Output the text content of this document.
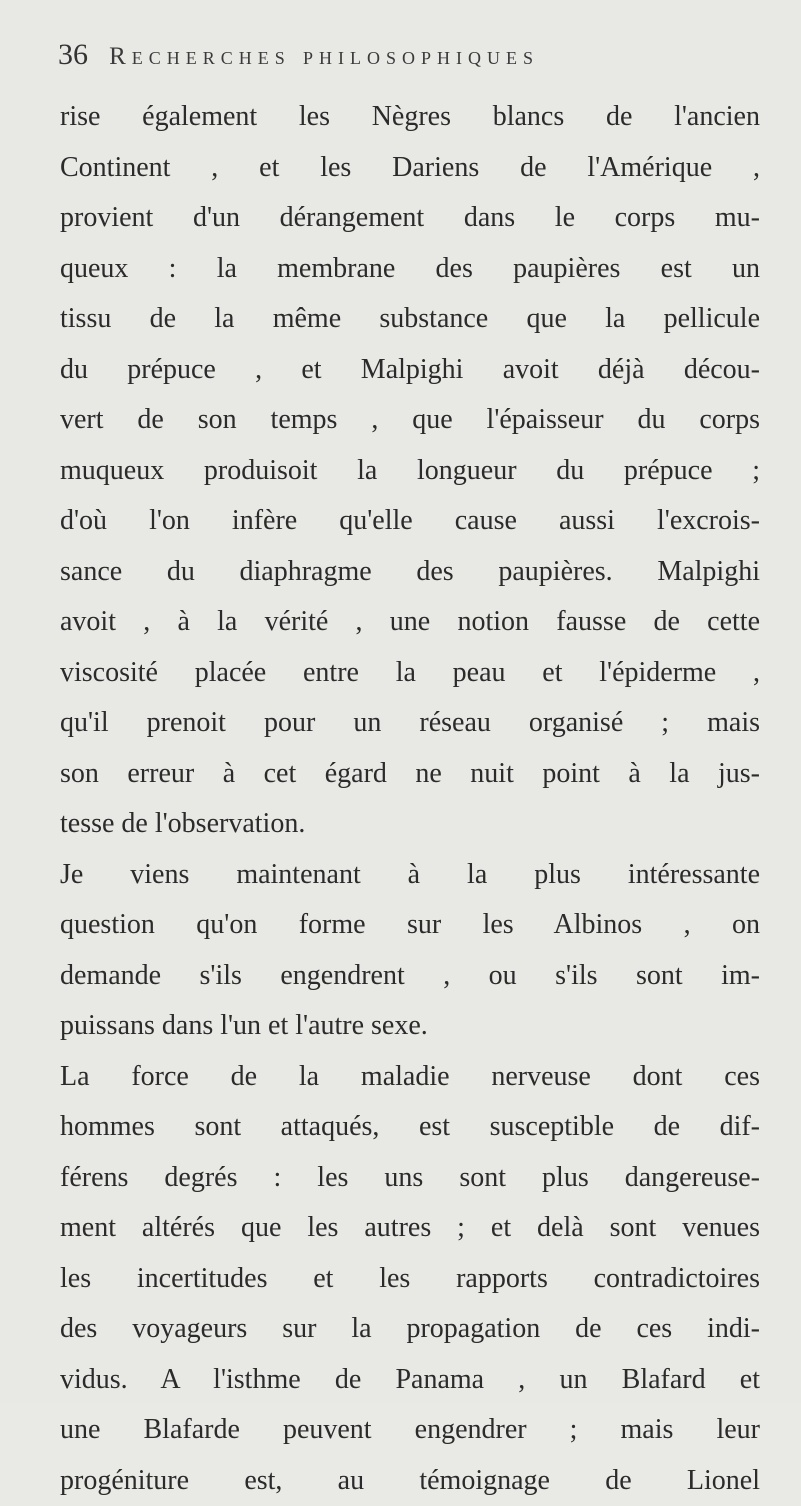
36 Recherches philosophiques
rise également les Nègres blancs de l'ancien
Continent , et les Dariens de l'Amérique ,
provient d'un dérangement dans le corps mu-
queux : la membrane des paupières est un
tissu de la même substance que la pellicule
du prépuce , et Malpighi avoit déjà décou-
vert de son temps , que l'épaisseur du corps
muqueux produisoit la longueur du prépuce ;
d'où l'on infère qu'elle cause aussi l'excrois-
sance du diaphragme des paupières. Malpighi
avoit , à la vérité , une notion fausse de cette
viscosité placée entre la peau et l'épiderme ,
qu'il prenoit pour un réseau organisé ; mais
son erreur à cet égard ne nuit point à la jus-
tesse de l'observation.
Je viens maintenant à la plus intéressante
question qu'on forme sur les Albinos , on
demande s'ils engendrent , ou s'ils sont im-
puissans dans l'un et l'autre sexe.
La force de la maladie nerveuse dont ces
hommes sont attaqués, est susceptible de dif-
férens degrés : les uns sont plus dangereuse-
ment altérés que les autres ; et delà sont venues
les incertitudes et les rapports contradictoires
des voyageurs sur la propagation de ces indi-
vidus. A l'isthme de Panama , un Blafard et
une Blafarde peuvent engendrer ; mais leur
progéniture est, au témoignage de Lionel
